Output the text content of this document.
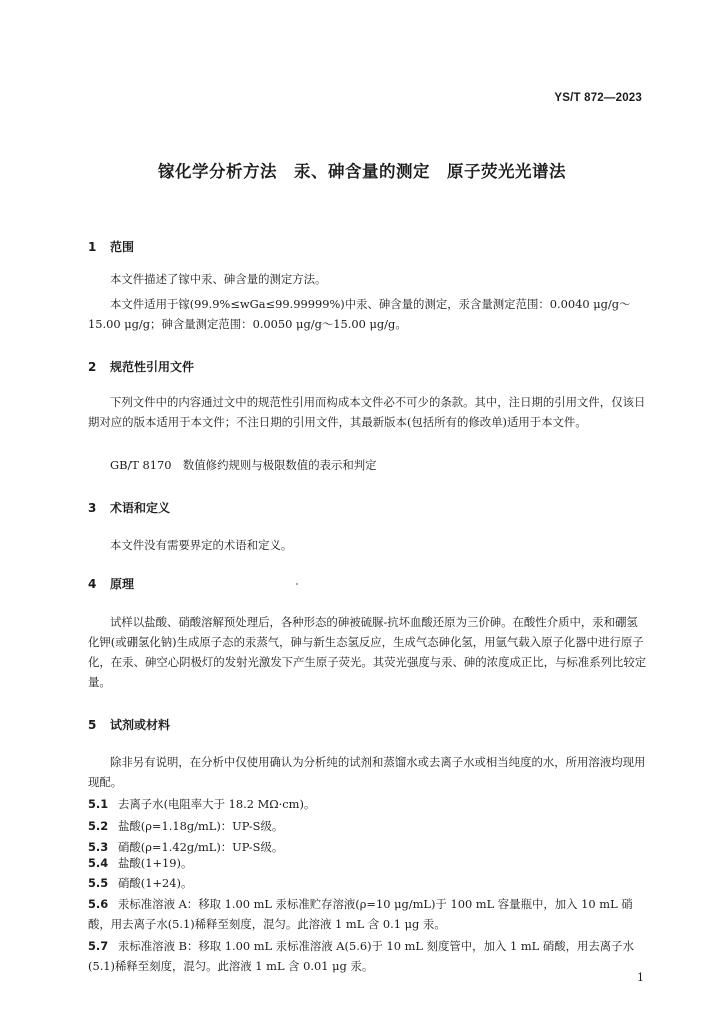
YS/T 872—2023
镓化学分析方法　汞、砷含量的测定　原子荧光光谱法
1 范围
本文件描述了镓中汞、砷含量的测定方法。
本文件适用于镓(99.9%≤wGa≤99.99999%)中汞、砷含量的测定，汞含量测定范围：0.0040 μg/g～15.00 μg/g；砷含量测定范围：0.0050 μg/g～15.00 μg/g。
2 规范性引用文件
下列文件中的内容通过文中的规范性引用而构成本文件必不可少的条款。其中，注日期的引用文件，仅该日期对应的版本适用于本文件；不注日期的引用文件，其最新版本(包括所有的修改单)适用于本文件。
GB/T 8170　数值修约规则与极限数值的表示和判定
3 术语和定义
本文件没有需要界定的术语和定义。
4 原理
试样以盐酸、硝酸溶解预处理后，各种形态的砷被硫脲-抗坏血酸还原为三价砷。在酸性介质中，汞和硼氢化钾(或硼氢化钠)生成原子态的汞蒸气，砷与新生态氢反应，生成气态砷化氢，用氩气载入原子化器中进行原子化，在汞、砷空心阴极灯的发射光激发下产生原子荧光。其荧光强度与汞、砷的浓度成正比，与标准系列比较定量。
5 试剂或材料
除非另有说明，在分析中仅使用确认为分析纯的试剂和蒸馏水或去离子水或相当纯度的水，所用溶液均现用现配。
5.1 去离子水(电阻率大于 18.2 MΩ·cm)。
5.2 盐酸(ρ=1.18g/mL)：UP-S级。
5.3 硝酸(ρ=1.42g/mL)：UP-S级。
5.4 盐酸(1+19)。
5.5 硝酸(1+24)。
5.6 汞标准溶液 A：移取 1.00 mL 汞标准贮存溶液(ρ=10 μg/mL)于 100 mL 容量瓶中，加入 10 mL 硝酸，用去离子水(5.1)稀释至刻度，混匀。此溶液 1 mL 含 0.1 μg 汞。
5.7 汞标准溶液 B：移取 1.00 mL 汞标准溶液 A(5.6)于 10 mL 刻度管中，加入 1 mL 硝酸，用去离子水(5.1)稀释至刻度，混匀。此溶液 1 mL 含 0.01 μg 汞。
1
